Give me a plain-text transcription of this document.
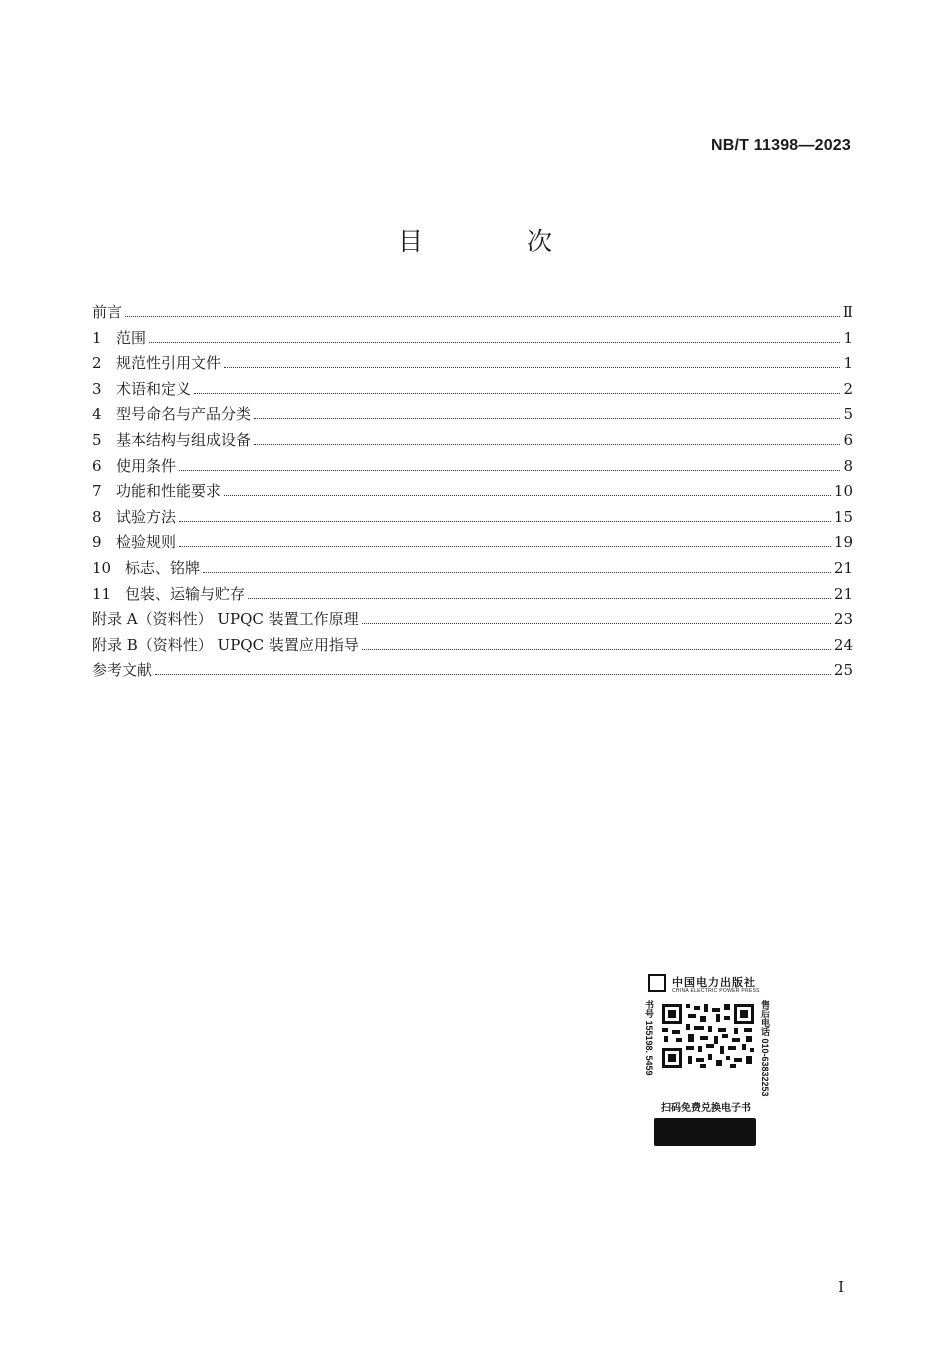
NB/T 11398—2023
目 次
前言	Ⅱ
1 范围	1
2 规范性引用文件	1
3 术语和定义	2
4 型号命名与产品分类	5
5 基本结构与组成设备	6
6 使用条件	8
7 功能和性能要求	10
8 试验方法	15
9 检验规则	19
10 标志、铭牌	21
11 包装、运输与贮存	21
附录 A（资料性） UPQC 装置工作原理	23
附录 B（资料性） UPQC 装置应用指导	24
参考文献	25
中国电力出版社
CHINA ELECTRIC POWER PRESS
书号 155198. 5459	售后电话 010-63832253
扫码免费兑换电子书
I
